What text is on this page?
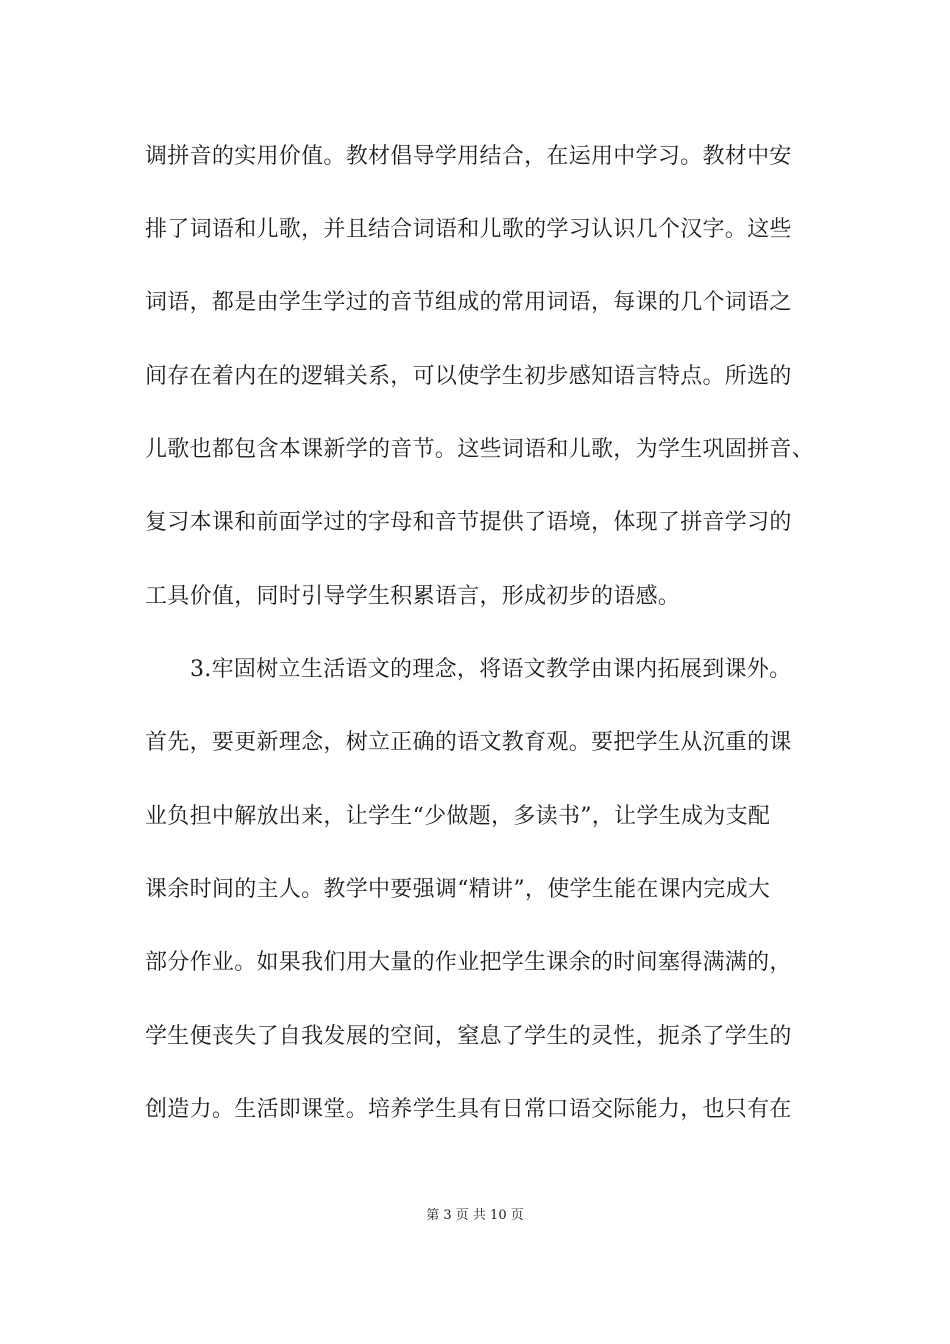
调拼音的实用价值。教材倡导学用结合，在运用中学习。教材中安
排了词语和儿歌，并且结合词语和儿歌的学习认识几个汉字。这些
词语，都是由学生学过的音节组成的常用词语，每课的几个词语之
间存在着内在的逻辑关系，可以使学生初步感知语言特点。所选的
儿歌也都包含本课新学的音节。这些词语和儿歌，为学生巩固拼音、
复习本课和前面学过的字母和音节提供了语境，体现了拼音学习的
工具价值，同时引导学生积累语言，形成初步的语感。
3.牢固树立生活语文的理念，将语文教学由课内拓展到课外。
首先，要更新理念，树立正确的语文教育观。要把学生从沉重的课
业负担中解放出来，让学生“少做题，多读书”，让学生成为支配
课余时间的主人。教学中要强调“精讲”，使学生能在课内完成大
部分作业。如果我们用大量的作业把学生课余的时间塞得满满的，
学生便丧失了自我发展的空间，窒息了学生的灵性，扼杀了学生的
创造力。生活即课堂。培养学生具有日常口语交际能力，也只有在
第 3 页 共 10 页
